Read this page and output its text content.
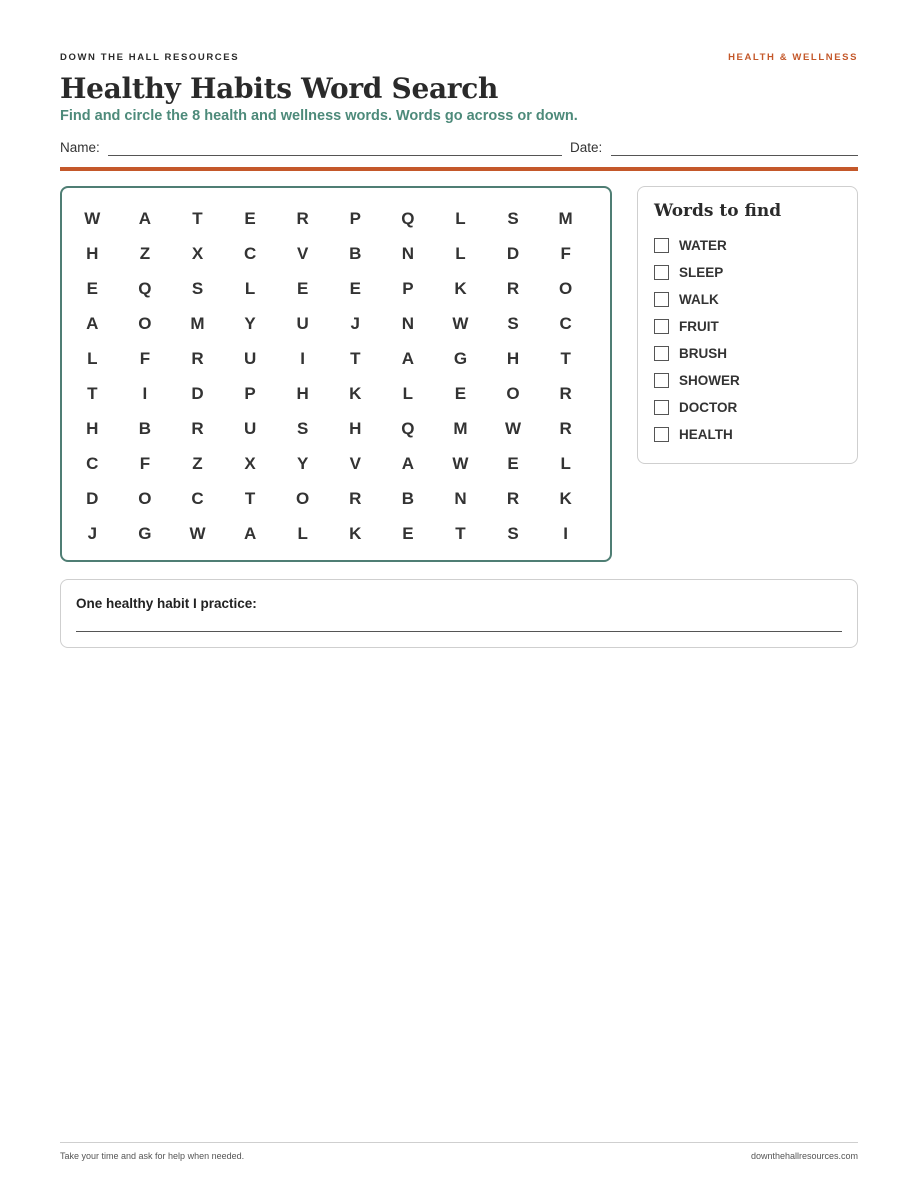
DOWN THE HALL RESOURCES	HEALTH & WELLNESS
Healthy Habits Word Search
Find and circle the 8 health and wellness words. Words go across or down.
Name:	Date:
W	A	T	E	R	P	Q	L	S	M
H	Z	X	C	V	B	N	L	D	F
E	Q	S	L	E	E	P	K	R	O
A	O	M	Y	U	J	N	W	S	C
L	F	R	U	I	T	A	G	H	T
T	I	D	P	H	K	L	E	O	R
H	B	R	U	S	H	Q	M	W	R
C	F	Z	X	Y	V	A	W	E	L
D	O	C	T	O	R	B	N	R	K
J	G	W	A	L	K	E	T	S	I
Words to find
WATER
SLEEP
WALK
FRUIT
BRUSH
SHOWER
DOCTOR
HEALTH
One healthy habit I practice:
Take your time and ask for help when needed.	downthehallresources.com
